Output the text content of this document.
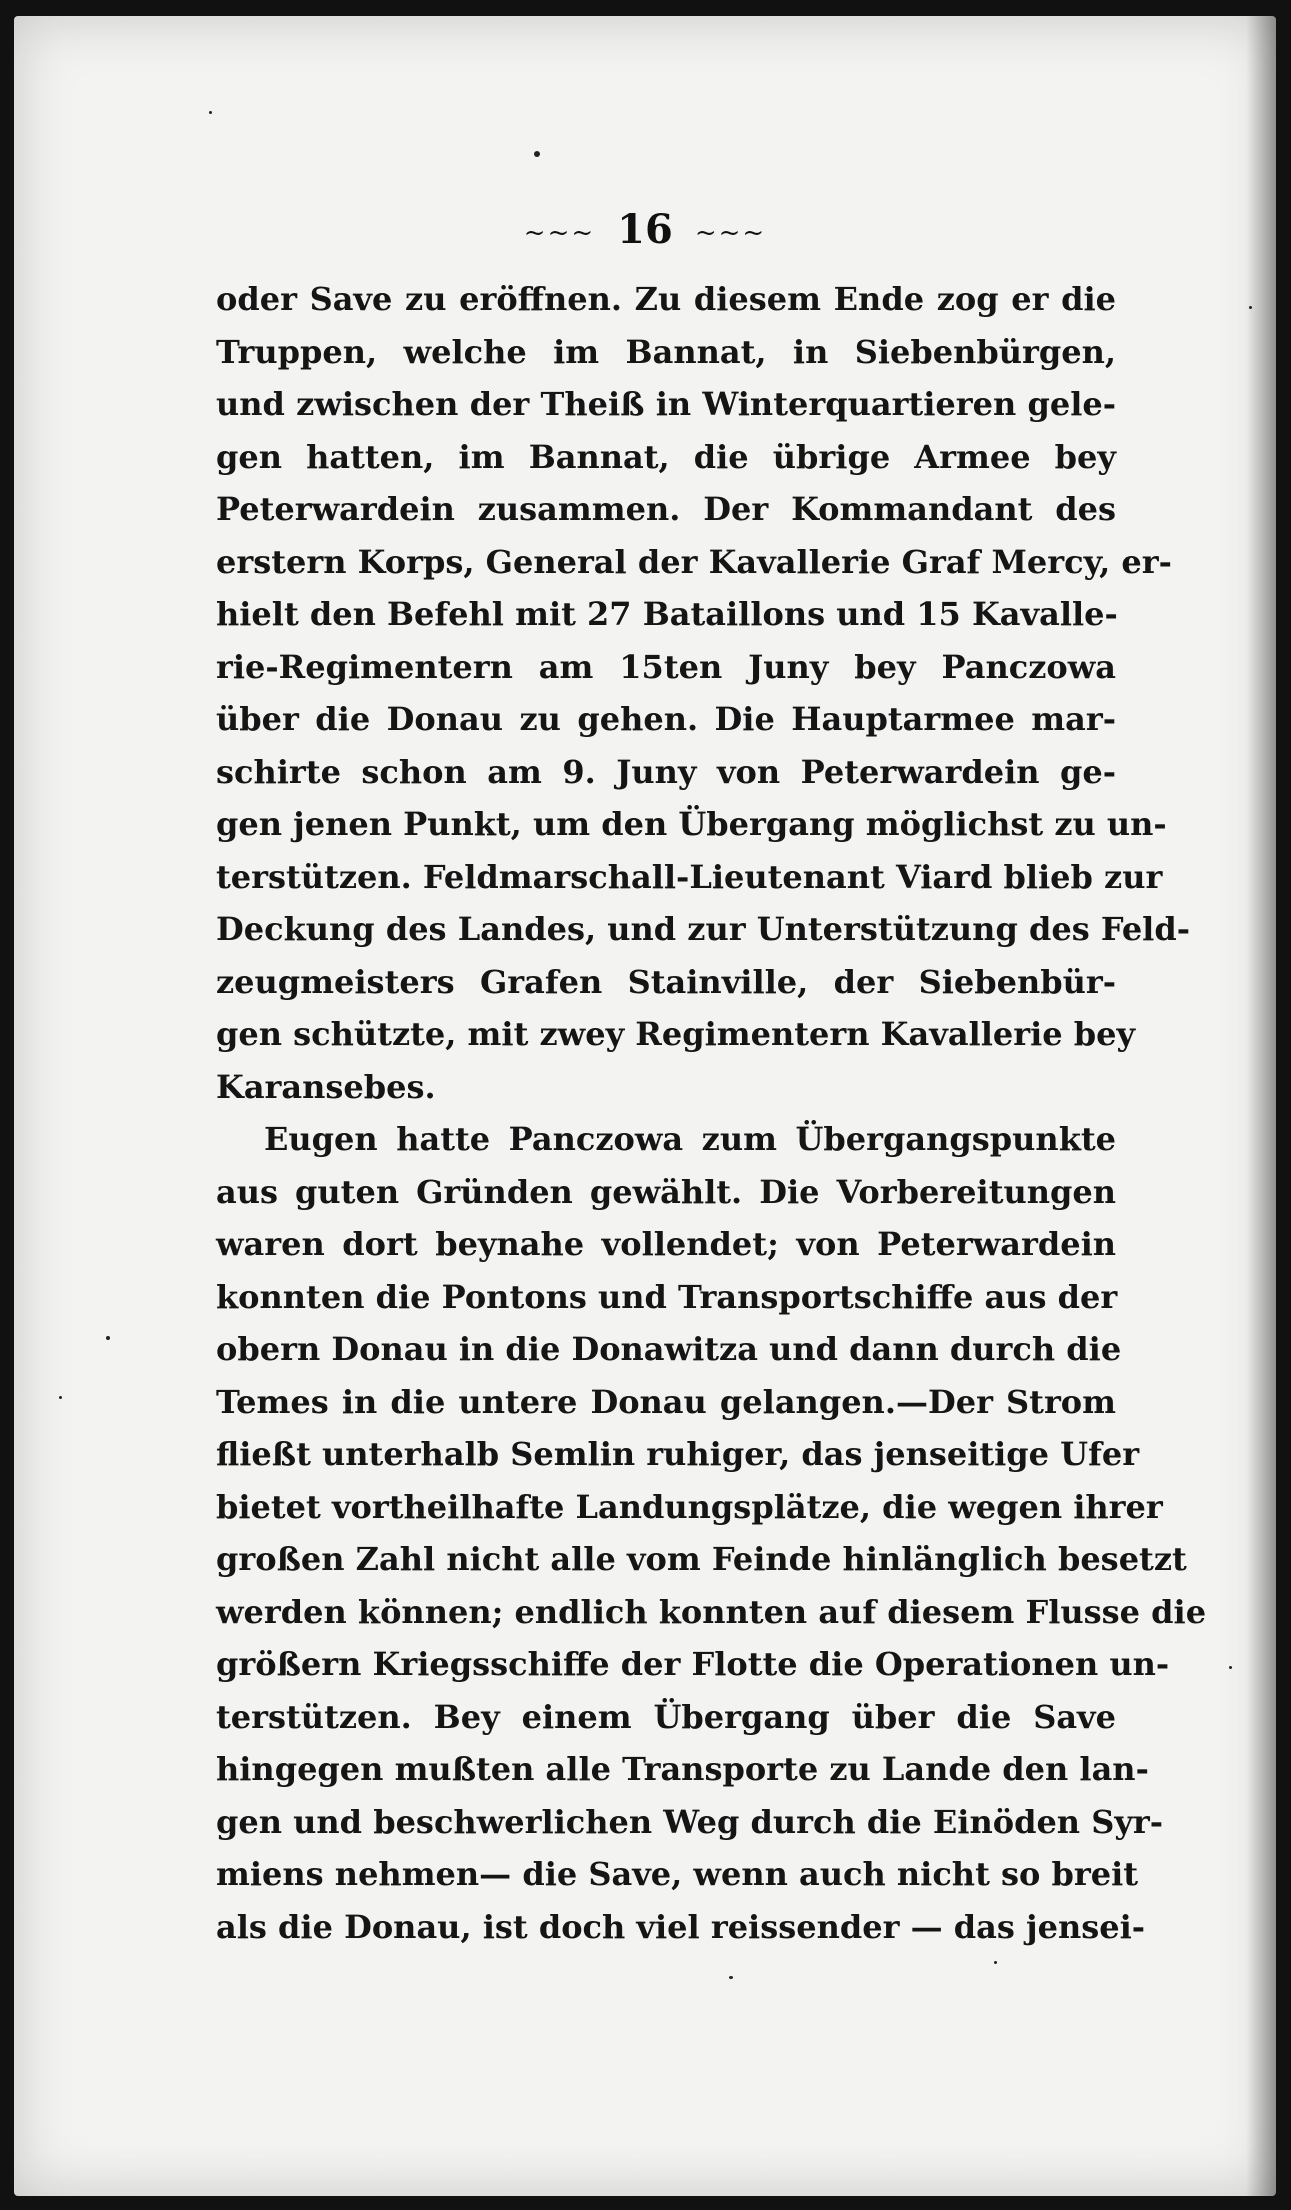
~~~ 16 ~~~
oder Save zu eröffnen. Zu diesem Ende zog er die
Truppen, welche im Bannat, in Siebenbürgen,
und zwischen der Theiß in Winterquartieren gele-
gen hatten, im Bannat, die übrige Armee bey
Peterwardein zusammen. Der Kommandant des
erstern Korps, General der Kavallerie Graf Mercy, er-
hielt den Befehl mit 27 Bataillons und 15 Kavalle-
rie-Regimentern am 15ten Juny bey Panczowa
über die Donau zu gehen. Die Hauptarmee mar-
schirte schon am 9. Juny von Peterwardein ge-
gen jenen Punkt, um den Übergang möglichst zu un-
terstützen. Feldmarschall-Lieutenant Viard blieb zur
Deckung des Landes, und zur Unterstützung des Feld-
zeugmeisters Grafen Stainville, der Siebenbür-
gen schützte, mit zwey Regimentern Kavallerie bey
Karansebes.
Eugen hatte Panczowa zum Übergangspunkte
aus guten Gründen gewählt. Die Vorbereitungen
waren dort beynahe vollendet; von Peterwardein
konnten die Pontons und Transportschiffe aus der
obern Donau in die Donawitza und dann durch die
Temes in die untere Donau gelangen.—Der Strom
fließt unterhalb Semlin ruhiger, das jenseitige Ufer
bietet vortheilhafte Landungsplätze, die wegen ihrer
großen Zahl nicht alle vom Feinde hinlänglich besetzt
werden können; endlich konnten auf diesem Flusse die
größern Kriegsschiffe der Flotte die Operationen un-
terstützen. Bey einem Übergang über die Save
hingegen mußten alle Transporte zu Lande den lan-
gen und beschwerlichen Weg durch die Einöden Syr-
miens nehmen— die Save, wenn auch nicht so breit
als die Donau, ist doch viel reissender — das jensei-
